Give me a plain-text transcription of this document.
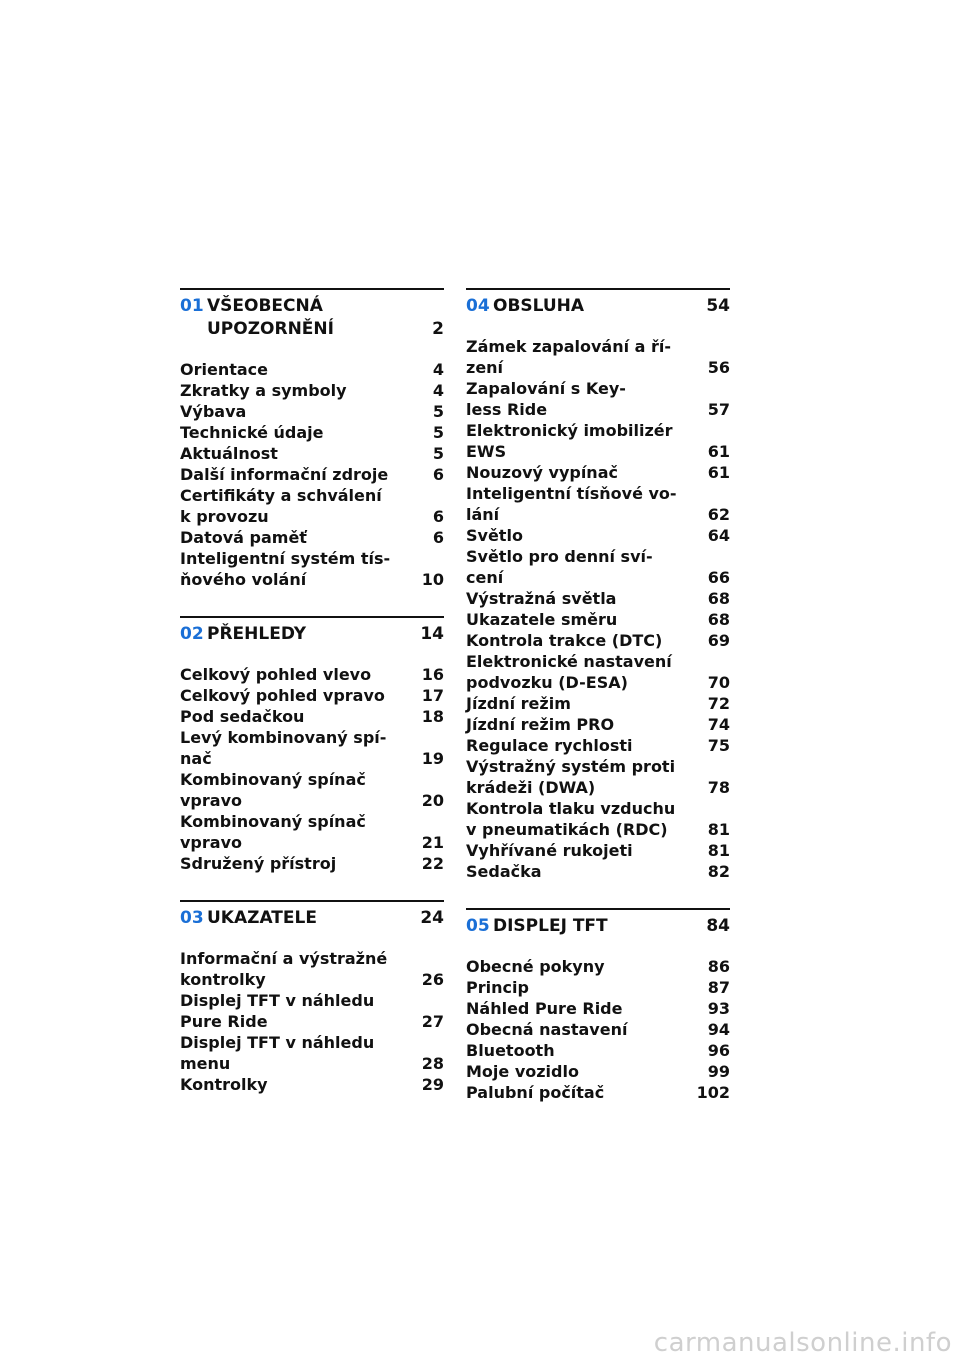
01 VŠEOBECNÁ
UPOZORNĚNÍ	2
Orientace	4
Zkratky a symboly	4
Výbava	5
Technické údaje	5
Aktuálnost	5
Další informační zdroje	6
Certifikáty a schválení
k provozu	6
Datová paměť	6
Inteligentní systém tís-
ňového volání	10
02 PŘEHLEDY	14
Celkový pohled vlevo	16
Celkový pohled vpravo	17
Pod sedačkou	18
Levý kombinovaný spí-
nač	19
Kombinovaný spínač
vpravo	20
Kombinovaný spínač
vpravo	21
Sdružený přístroj	22
03 UKAZATELE	24
Informační a výstražné
kontrolky	26
Displej TFT v náhledu
Pure Ride	27
Displej TFT v náhledu
menu	28
Kontrolky	29
04 OBSLUHA	54
Zámek zapalování a ří-
zení	56
Zapalování s Key-
less Ride	57
Elektronický imobilizér
EWS	61
Nouzový vypínač	61
Inteligentní tísňové vo-
lání	62
Světlo	64
Světlo pro denní sví-
cení	66
Výstražná světla	68
Ukazatele směru	68
Kontrola trakce (DTC)	69
Elektronické nastavení
podvozku (D-ESA)	70
Jízdní režim	72
Jízdní režim PRO	74
Regulace rychlosti	75
Výstražný systém proti
krádeži (DWA)	78
Kontrola tlaku vzduchu
v pneumatikách (RDC)	81
Vyhřívané rukojeti	81
Sedačka	82
05 DISPLEJ TFT	84
Obecné pokyny	86
Princip	87
Náhled Pure Ride	93
Obecná nastavení	94
Bluetooth	96
Moje vozidlo	99
Palubní počítač	102
carmanualsonline.info
